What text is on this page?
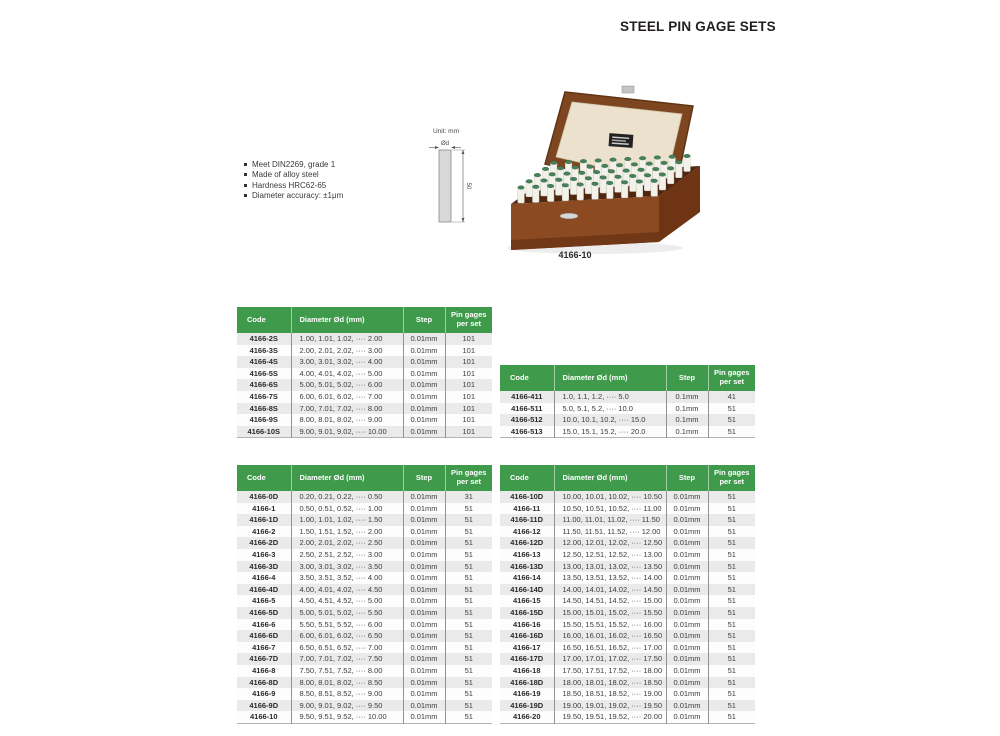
STEEL PIN GAGE SETS
Meet DIN2269, grade 1
Made of alloy steel
Hardness HRC62-65
Diameter accuracy: ±1μm
Unit: mm
Ød
50
4166-10
Code	Diameter Ød (mm)	Step	Pin gages per set
4166-2S	1.00, 1.01, 1.02, ···· 2.00	0.01mm	101
4166-3S	2.00, 2.01, 2.02, ···· 3.00	0.01mm	101
4166-4S	3.00, 3.01, 3.02, ···· 4.00	0.01mm	101
4166-5S	4.00, 4.01, 4.02, ···· 5.00	0.01mm	101
4166-6S	5.00, 5.01, 5.02, ···· 6.00	0.01mm	101
4166-7S	6.00, 6.01, 6.02, ···· 7.00	0.01mm	101
4166-8S	7.00, 7.01, 7.02, ···· 8.00	0.01mm	101
4166-9S	8.00, 8.01, 8.02, ···· 9.00	0.01mm	101
4166-10S	9.00, 9.01, 9.02, ···· 10.00	0.01mm	101
Code	Diameter Ød (mm)	Step	Pin gages per set
4166-411	1.0, 1.1, 1.2, ···· 5.0	0.1mm	41
4166-511	5.0, 5.1, 5.2, ···· 10.0	0.1mm	51
4166-512	10.0, 10.1, 10.2, ···· 15.0	0.1mm	51
4166-513	15.0, 15.1, 15.2, ···· 20.0	0.1mm	51
Code	Diameter Ød (mm)	Step	Pin gages per set
4166-0D	0.20, 0.21, 0.22, ···· 0.50	0.01mm	31
4166-1	0.50, 0.51, 0.52, ···· 1.00	0.01mm	51
4166-1D	1.00, 1.01, 1.02, ···· 1.50	0.01mm	51
4166-2	1.50, 1.51, 1.52, ···· 2.00	0.01mm	51
4166-2D	2.00, 2.01, 2.02, ···· 2.50	0.01mm	51
4166-3	2.50, 2.51, 2.52, ···· 3.00	0.01mm	51
4166-3D	3.00, 3.01, 3.02, ···· 3.50	0.01mm	51
4166-4	3.50, 3.51, 3.52, ···· 4.00	0.01mm	51
4166-4D	4.00, 4.01, 4.02, ···· 4.50	0.01mm	51
4166-5	4.50, 4.51, 4.52, ···· 5.00	0.01mm	51
4166-5D	5.00, 5.01, 5.02, ···· 5.50	0.01mm	51
4166-6	5.50, 5.51, 5.52, ···· 6.00	0.01mm	51
4166-6D	6.00, 6.01, 6.02, ···· 6.50	0.01mm	51
4166-7	6.50, 6.51, 6.52, ···· 7.00	0.01mm	51
4166-7D	7.00, 7.01, 7.02, ···· 7.50	0.01mm	51
4166-8	7.50, 7.51, 7.52, ···· 8.00	0.01mm	51
4166-8D	8.00, 8.01, 8.02, ···· 8.50	0.01mm	51
4166-9	8.50, 8.51, 8.52, ···· 9.00	0.01mm	51
4166-9D	9.00, 9.01, 9.02, ···· 9.50	0.01mm	51
4166-10	9.50, 9.51, 9.52, ···· 10.00	0.01mm	51
Code	Diameter Ød (mm)	Step	Pin gages per set
4166-10D	10.00, 10.01, 10.02, ···· 10.50	0.01mm	51
4166-11	10.50, 10.51, 10.52, ···· 11.00	0.01mm	51
4166-11D	11.00, 11.01, 11.02, ···· 11.50	0.01mm	51
4166-12	11.50, 11.51, 11.52, ···· 12.00	0.01mm	51
4166-12D	12.00, 12.01, 12.02, ···· 12.50	0.01mm	51
4166-13	12.50, 12.51, 12.52, ···· 13.00	0.01mm	51
4166-13D	13.00, 13.01, 13.02, ···· 13.50	0.01mm	51
4166-14	13.50, 13.51, 13.52, ···· 14.00	0.01mm	51
4166-14D	14.00, 14.01, 14.02, ···· 14.50	0.01mm	51
4166-15	14.50, 14.51, 14.52, ···· 15.00	0.01mm	51
4166-15D	15.00, 15.01, 15.02, ···· 15.50	0.01mm	51
4166-16	15.50, 15.51, 15.52, ···· 16.00	0.01mm	51
4166-16D	16.00, 16.01, 16.02, ···· 16.50	0.01mm	51
4166-17	16.50, 16.51, 16.52, ···· 17.00	0.01mm	51
4166-17D	17.00, 17.01, 17.02, ···· 17.50	0.01mm	51
4166-18	17.50, 17.51, 17.52, ···· 18.00	0.01mm	51
4166-18D	18.00, 18.01, 18.02, ···· 18.50	0.01mm	51
4166-19	18.50, 18.51, 18.52, ···· 19.00	0.01mm	51
4166-19D	19.00, 19.01, 19.02, ···· 19.50	0.01mm	51
4166-20	19.50, 19.51, 19.52, ···· 20.00	0.01mm	51
